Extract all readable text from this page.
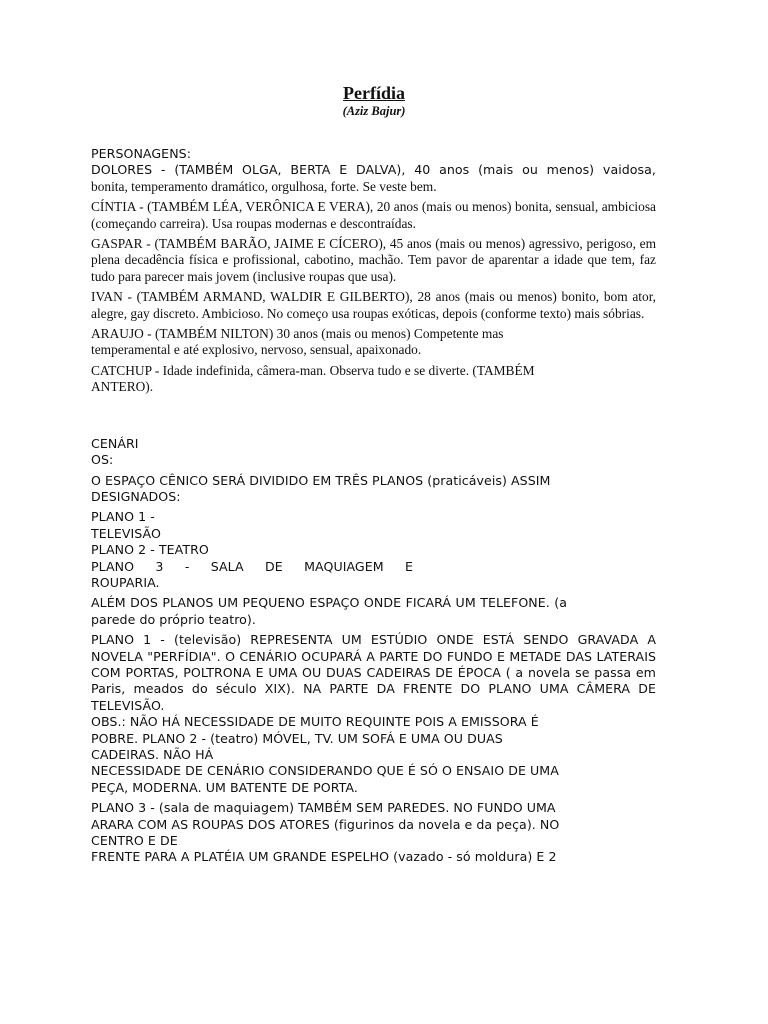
Perfídia
(Aziz Bajur)
PERSONAGENS:
DOLORES - (TAMBÉM OLGA, BERTA E DALVA), 40 anos (mais ou menos) vaidosa,
bonita, temperamento dramático, orgulhosa, forte. Se veste bem.
CÍNTIA - (TAMBÉM LÉA, VERÔNICA E VERA), 20 anos (mais ou menos) bonita, sensual, ambiciosa (começando carreira). Usa roupas modernas e descontraídas.
GASPAR - (TAMBÉM BARÃO, JAIME E CÍCERO), 45 anos (mais ou menos) agressivo, perigoso, em plena decadência física e profissional, cabotino, machão. Tem pavor de aparentar a idade que tem, faz tudo para parecer mais jovem (inclusive roupas que usa).
IVAN - (TAMBÉM ARMAND, WALDIR E GILBERTO), 28 anos (mais ou menos) bonito, bom ator, alegre, gay discreto. Ambicioso. No começo usa roupas exóticas, depois (conforme texto) mais sóbrias.
ARAUJO - (TAMBÉM NILTON) 30 anos (mais ou menos) Competente mas
temperamental e até explosivo, nervoso, sensual, apaixonado.
CATCHUP - Idade indefinida, câmera-man. Observa tudo e se diverte. (TAMBÉM
ANTERO).
CENÁRI
OS:
O ESPAÇO CÊNICO SERÁ DIVIDIDO EM TRÊS PLANOS (praticáveis) ASSIM
DESIGNADOS:
PLANO 1 -
TELEVISÃO
PLANO 2 - TEATRO
PLANO 3 - SALA DE MAQUIAGEM E
ROUPARIA.
ALÉM DOS PLANOS UM PEQUENO ESPAÇO ONDE FICARÁ UM TELEFONE. (a parede do próprio teatro).
PLANO 1 - (televisão) REPRESENTA UM ESTÚDIO ONDE ESTÁ SENDO GRAVADA A NOVELA "PERFÍDIA". O CENÁRIO OCUPARÁ A PARTE DO FUNDO E METADE DAS LATERAIS COM PORTAS, POLTRONA E UMA OU DUAS CADEIRAS DE ÉPOCA ( a novela se passa em Paris, meados do século XIX). NA PARTE DA FRENTE DO PLANO UMA CÂMERA DE TELEVISÃO.
OBS.: NÃO HÁ NECESSIDADE DE MUITO REQUINTE POIS A EMISSORA É
POBRE. PLANO 2 - (teatro) MÓVEL, TV. UM SOFÁ E UMA OU DUAS
CADEIRAS. NÃO HÁ
NECESSIDADE DE CENÁRIO CONSIDERANDO QUE É SÓ O ENSAIO DE UMA
PEÇA, MODERNA. UM BATENTE DE PORTA.
PLANO 3 - (sala de maquiagem) TAMBÉM SEM PAREDES. NO FUNDO UMA
ARARA COM AS ROUPAS DOS ATORES (figurinos da novela e da peça). NO
CENTRO E DE
FRENTE PARA A PLATÉIA UM GRANDE ESPELHO (vazado - só moldura) E 2
